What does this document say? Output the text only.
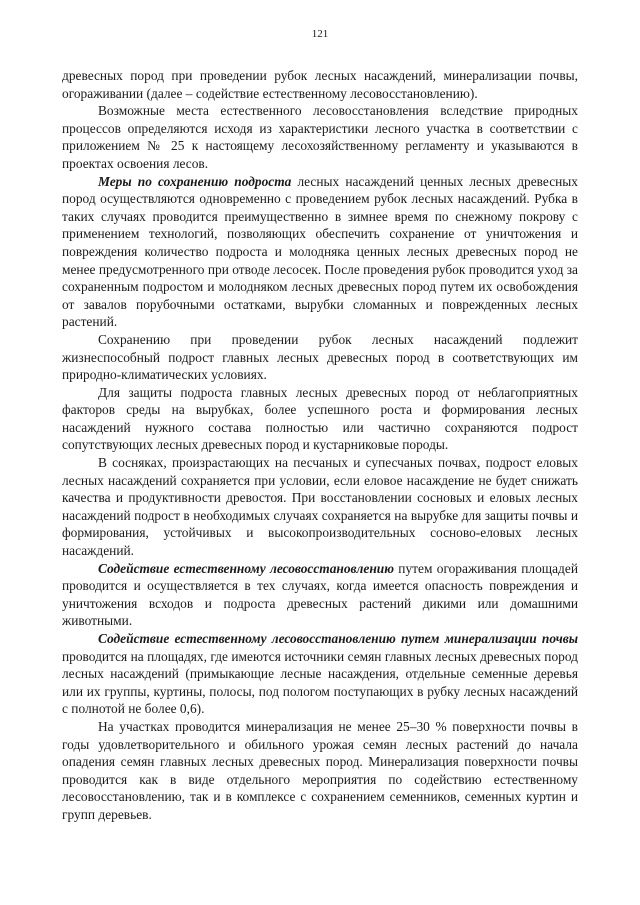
121

древесных пород при проведении рубок лесных насаждений, минерализации почвы, огораживании (далее – содействие естественному лесовосстановлению).

Возможные места естественного лесовосстановления вследствие природных процессов определяются исходя из характеристики лесного участка в соответствии с приложением № 25 к настоящему лесохозяйственному регламенту и указываются в проектах освоения лесов.

Меры по сохранению подроста лесных насаждений ценных лесных древесных пород осуществляются одновременно с проведением рубок лесных насаждений. Рубка в таких случаях проводится преимущественно в зимнее время по снежному покрову с применением технологий, позволяющих обеспечить сохранение от уничтожения и повреждения количество подроста и молодняка ценных лесных древесных пород не менее предусмотренного при отводе лесосек. После проведения рубок проводится уход за сохраненным подростом и молодняком лесных древесных пород путем их освобождения от завалов порубочными остатками, вырубки сломанных и поврежденных лесных растений.

Сохранению при проведении рубок лесных насаждений подлежит жизнеспособный подрост главных лесных древесных пород в соответствующих им природно-климатических условиях.

Для защиты подроста главных лесных древесных пород от неблагоприятных факторов среды на вырубках, более успешного роста и формирования лесных насаждений нужного состава полностью или частично сохраняются подрост сопутствующих лесных древесных пород и кустарниковые породы.

В сосняках, произрастающих на песчаных и супесчаных почвах, подрост еловых лесных насаждений сохраняется при условии, если еловое насаждение не будет снижать качества и продуктивности древостоя. При восстановлении сосновых и еловых лесных насаждений подрост в необходимых случаях сохраняется на вырубке для защиты почвы и формирования, устойчивых и высокопроизводительных сосново-еловых лесных насаждений.

Содействие естественному лесовосстановлению путем огораживания площадей проводится и осуществляется в тех случаях, когда имеется опасность повреждения и уничтожения всходов и подроста древесных растений дикими или домашними животными.

Содействие естественному лесовосстановлению путем минерализации почвы проводится на площадях, где имеются источники семян главных лесных древесных пород лесных насаждений (примыкающие лесные насаждения, отдельные семенные деревья или их группы, куртины, полосы, под пологом поступающих в рубку лесных насаждений с полнотой не более 0,6).

На участках проводится минерализация не менее 25–30 % поверхности почвы в годы удовлетворительного и обильного урожая семян лесных растений до начала опадения семян главных лесных древесных пород. Минерализация поверхности почвы проводится как в виде отдельного мероприятия по содействию естественному лесовосстановлению, так и в комплексе с сохранением семенников, семенных куртин и групп деревьев.
